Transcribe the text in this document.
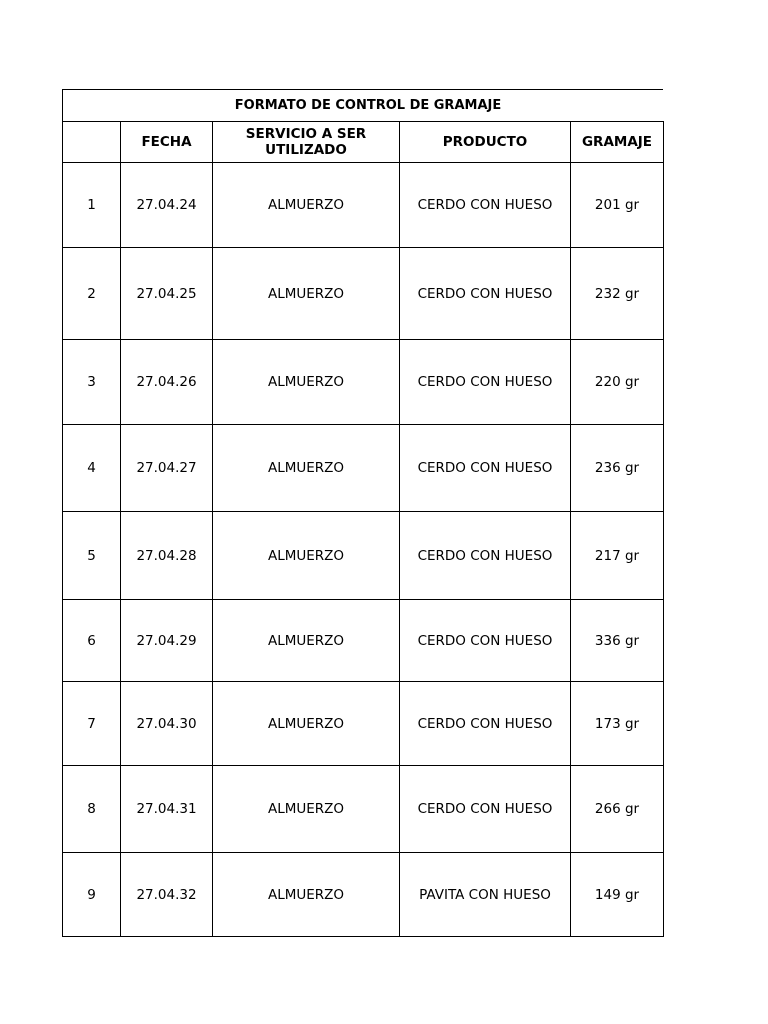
FORMATO DE CONTROL DE GRAMAJE
	FECHA	SERVICIO A SER UTILIZADO	PRODUCTO	GRAMAJE
1	27.04.24	ALMUERZO	CERDO CON HUESO	201 gr
2	27.04.25	ALMUERZO	CERDO CON HUESO	232 gr
3	27.04.26	ALMUERZO	CERDO CON HUESO	220 gr
4	27.04.27	ALMUERZO	CERDO CON HUESO	236 gr
5	27.04.28	ALMUERZO	CERDO CON HUESO	217 gr
6	27.04.29	ALMUERZO	CERDO CON HUESO	336 gr
7	27.04.30	ALMUERZO	CERDO CON HUESO	173 gr
8	27.04.31	ALMUERZO	CERDO CON HUESO	266 gr
9	27.04.32	ALMUERZO	PAVITA CON HUESO	149 gr
